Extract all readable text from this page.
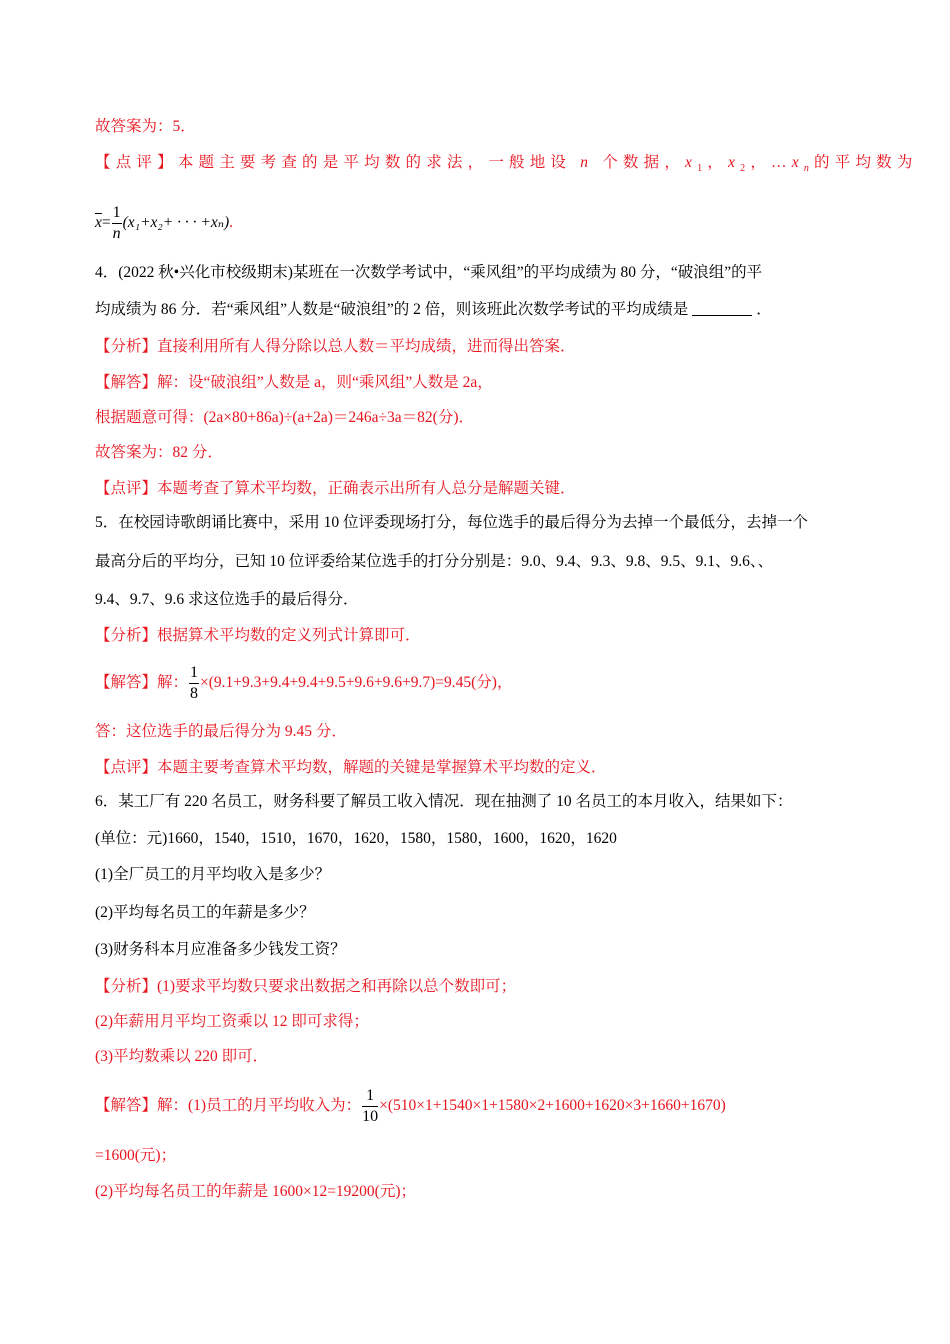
故答案为：5．
【点评】本题主要考查的是平均数的求法，一般地设 n 个数据，$x_1$，$x_2$，$\dots x_n$的平均数为
$\overline{x}= \frac{1}{n} (x_1+x_2+$ · · · +xₙ).
4．(2022 秋•兴化市校级期末)某班在一次数学考试中，“乘风组”的平均成绩为 80 分，“破浪组”的平
均成绩为 86 分．若“乘风组”人数是“破浪组”的 2 倍，则该班此次数学考试的平均成绩是	．
【分析】直接利用所有人得分除以总人数＝平均成绩，进而得出答案．
【解答】解：设“破浪组”人数是 a，则“乘风组”人数是 2a，
根据题意可得：(2a×80+86a)÷(a+2a)＝246a÷3a＝82(分)．
故答案为：82 分．
【点评】本题考查了算术平均数，正确表示出所有人总分是解题关键．
5．在校园诗歌朗诵比赛中，采用 10 位评委现场打分，每位选手的最后得分为去掉一个最低分，去掉一个
最高分后的平均分，已知 10 位评委给某位选手的打分分别是：9.0、9.4、9.3、9.8、9.5、9.1、9.6、、
9.4、9.7、9.6 求这位选手的最后得分．
【分析】根据算术平均数的定义列式计算即可．
【解答】解： $\frac{1}{8} \times(9.1+9.3+9.4+9.4+9.5+9.6+9.6+9.7)=9.45$(分)，
答：这位选手的最后得分为 9.45 分．
【点评】本题主要考查算术平均数，解题的关键是掌握算术平均数的定义．
6．某工厂有 220 名员工，财务科要了解员工收入情况．现在抽测了 10 名员工的本月收入，结果如下：
(单位：元)1660，1540，1510，1670，1620，1580，1580，1600，1620，1620
(1)全厂员工的月平均收入是多少？
(2)平均每名员工的年薪是多少？
(3)财务科本月应准备多少钱发工资？
【分析】(1)要求平均数只要求出数据之和再除以总个数即可；
(2)年薪用月平均工资乘以 12 即可求得；
(3)平均数乘以 220 即可．
【解答】解：(1)员工的月平均收入为： $\frac{1}{10} \times(510\times 1+1540\times 1+1580\times 2+1600+1620\times 3+1660+1670)$
=1600(元)；
(2)平均每名员工的年薪是 1600×12=19200(元)；
